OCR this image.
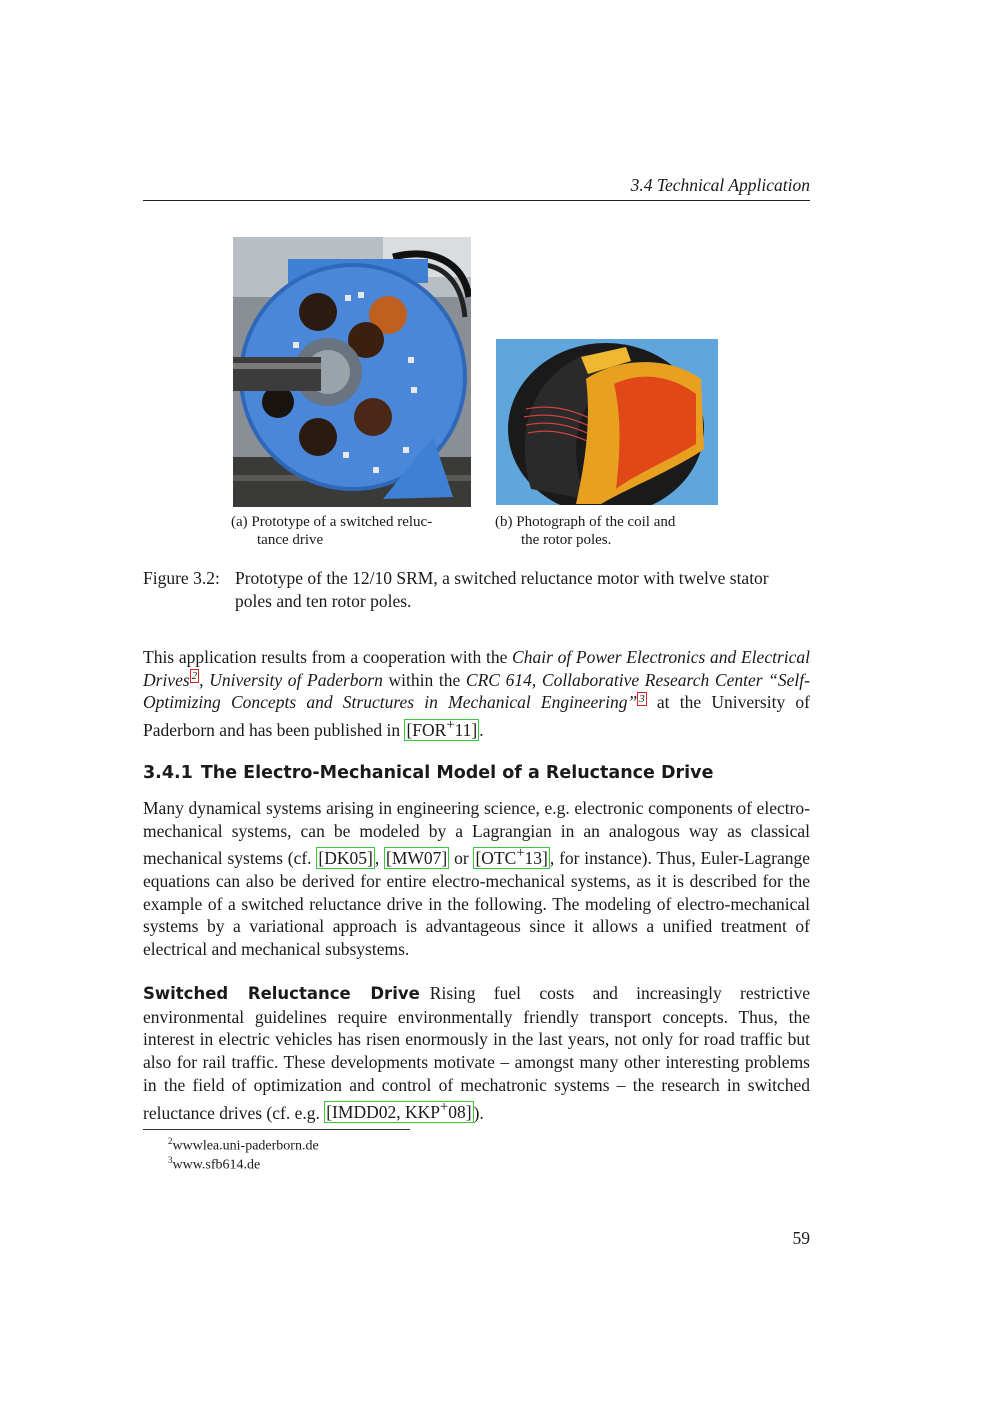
3.4 Technical Application
(a) Prototype of a switched reluc-
tance drive
(b) Photograph of the coil and
the rotor poles.
Figure 3.2: Prototype of the 12/10 SRM, a switched reluctance motor with twelve stator poles and ten rotor poles.
This application results from a cooperation with the Chair of Power Electronics and Electrical Drives $^2$ , University of Paderborn within the CRC 614, Collaborative Research Center “Self-Optimizing Concepts and Structures in Mechanical Engineering” $^3$ at the University of Paderborn and has been published in [FOR+11] .
3.4.1 The Electro-Mechanical Model of a Reluctance Drive
Many dynamical systems arising in engineering science, e.g. electronic components of electro-mechanical systems, can be modeled by a Lagrangian in an analogous way as classical mechanical systems (cf. [DK05] , [MW07] or [OTC+13] , for instance). Thus, Euler-Lagrange equations can also be derived for entire electro-mechanical systems, as it is described for the example of a switched reluctance drive in the following. The modeling of electro-mechanical systems by a variational approach is advantageous since it allows a unified treatment of electrical and mechanical subsystems.
Switched Reluctance Drive Rising fuel costs and increasingly restrictive environmental guidelines require environmentally friendly transport concepts. Thus, the interest in electric vehicles has risen enormously in the last years, not only for road traffic but also for rail traffic. These developments motivate – amongst many other interesting problems in the field of optimization and control of mechatronic systems – the research in switched reluctance drives (cf. e.g. [IMDD02, KKP+08] ).
$^2$wwwlea.uni-paderborn.de
$^3$www.sfb614.de
59
